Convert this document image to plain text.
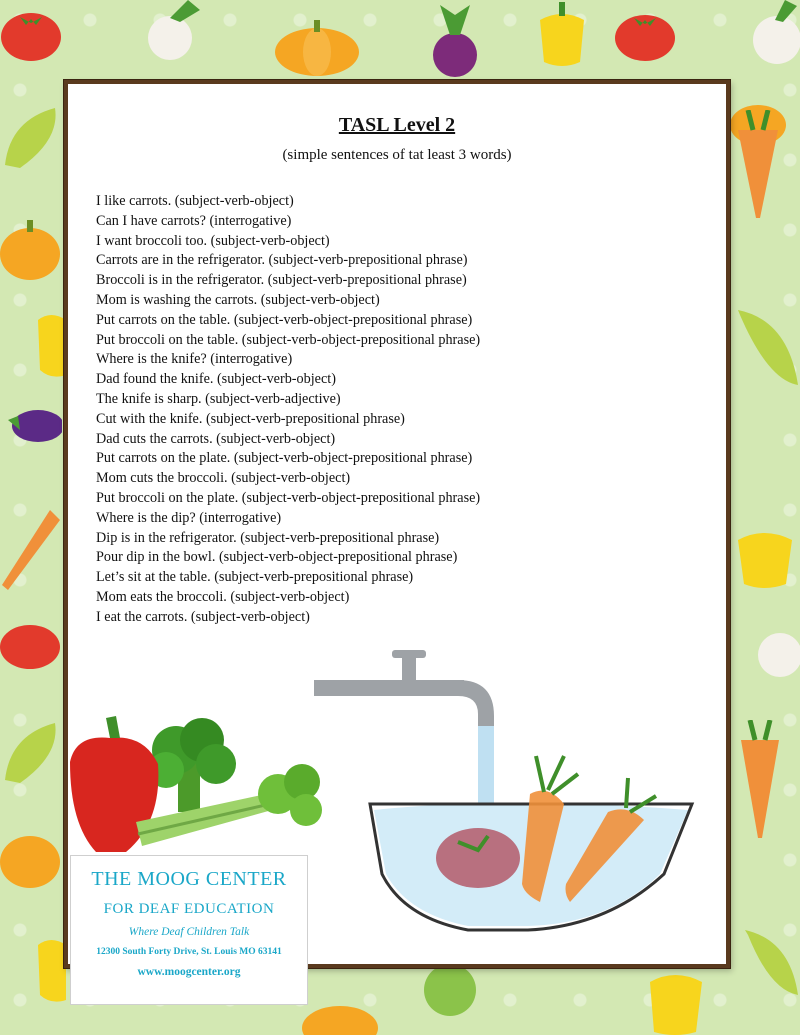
TASL Level 2
(simple sentences of tat least 3 words)
I like carrots. (subject-verb-object)
Can I have carrots? (interrogative)
I want broccoli too. (subject-verb-object)
Carrots are in the refrigerator. (subject-verb-prepositional phrase)
Broccoli is in the refrigerator. (subject-verb-prepositional phrase)
Mom is washing the carrots. (subject-verb-object)
Put carrots on the table. (subject-verb-object-prepositional phrase)
Put broccoli on the table. (subject-verb-object-prepositional phrase)
Where is the knife? (interrogative)
Dad found the knife. (subject-verb-object)
The knife is sharp. (subject-verb-adjective)
Cut with the knife. (subject-verb-prepositional phrase)
Dad cuts the carrots. (subject-verb-object)
Put carrots on the plate. (subject-verb-object-prepositional phrase)
Mom cuts the broccoli. (subject-verb-object)
Put broccoli on the plate. (subject-verb-object-prepositional phrase)
Where is the dip? (interrogative)
Dip is in the refrigerator. (subject-verb-prepositional phrase)
Pour dip in the bowl. (subject-verb-object-prepositional phrase)
Let’s sit at the table. (subject-verb-prepositional phrase)
Mom eats the broccoli. (subject-verb-object)
I eat the carrots. (subject-verb-object)
THE MOOG CENTER
FOR DEAF EDUCATION
Where Deaf Children Talk
12300 South Forty Drive, St. Louis MO 63141
www.moogcenter.org
